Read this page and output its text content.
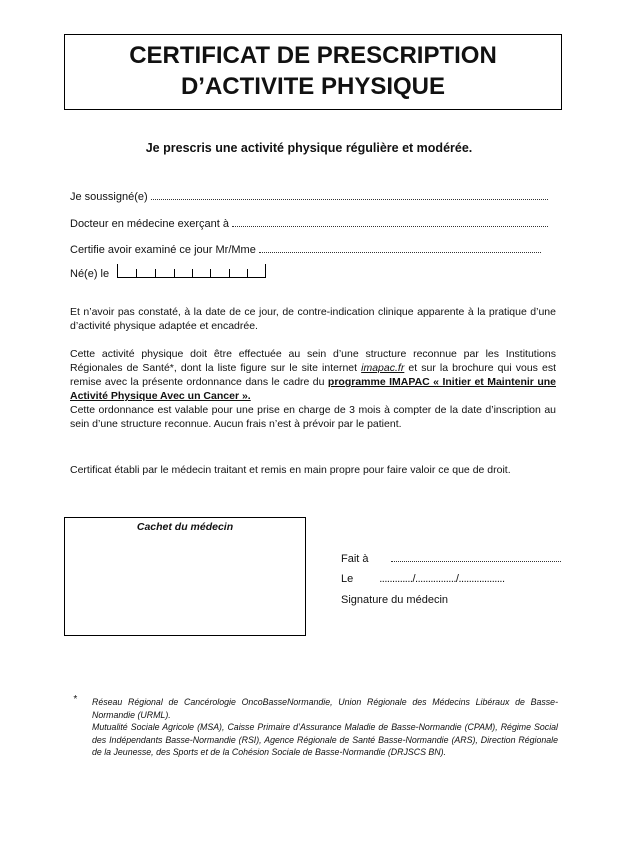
CERTIFICAT DE PRESCRIPTION
D’ACTIVITE PHYSIQUE
Je prescris une activité physique régulière et modérée.
Je soussigné(e)
Docteur en médecine exerçant à
Certifie avoir examiné ce jour Mr/Mme
Né(e) le
Et n’avoir pas constaté, à la date de ce jour, de contre-indication clinique apparente à la pratique d’une d’activité physique adaptée et encadrée.
Cette activité physique doit être effectuée au sein d’une structure reconnue par les Institutions Régionales de Santé*, dont la liste figure sur le site internet imapac.fr et sur la brochure qui vous est remise avec la présente ordonnance dans le cadre du programme IMAPAC « Initier et Maintenir une Activité Physique Avec un Cancer ».
Cette ordonnance est valable pour une prise en charge de 3 mois à compter de la date d’inscription au sein d’une structure reconnue. Aucun frais n’est à prévoir par le patient.
Certificat établi par le médecin traitant et remis en main propre pour faire valoir ce que de droit.
Cachet du médecin
Fait à
Le ............./................/..................
Signature du médecin
* Réseau Régional de Cancérologie OncoBasseNormandie, Union Régionale des Médecins Libéraux de Basse-Normandie (URML).
Mutualité Sociale Agricole (MSA), Caisse Primaire d’Assurance Maladie de Basse-Normandie (CPAM), Régime Social des Indépendants Basse-Normandie (RSI), Agence Régionale de Santé Basse-Normandie (ARS), Direction Régionale de la Jeunesse, des Sports et de la Cohésion Sociale de Basse-Normandie (DRJSCS BN).
